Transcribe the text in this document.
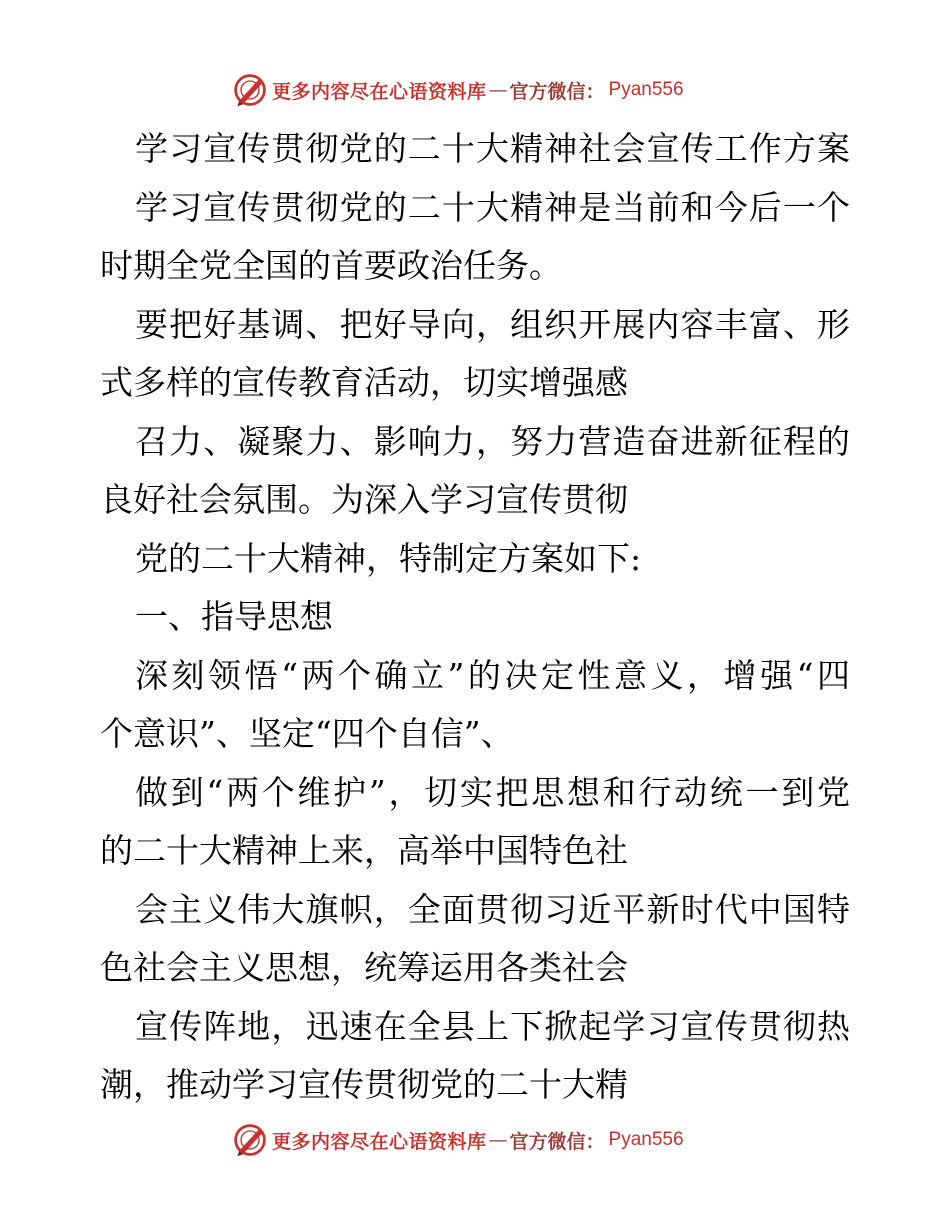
更多内容尽在心语资料库 — 官方微信： Pyan556
学习宣传贯彻党的二十大精神社会宣传工作方案
学习宣传贯彻党的二十大精神是当前和今后一个
时期全党全国的首要政治任务。
要把好基调、把好导向，组织开展内容丰富、形
式多样的宣传教育活动，切实增强感
召力、凝聚力、影响力，努力营造奋进新征程的
良好社会氛围。为深入学习宣传贯彻
党的二十大精神，特制定方案如下:
一、指导思想
深刻领悟“两个确立”的决定性意义，增强“四
个意识”、坚定“四个自信”、
做到“两个维护”，切实把思想和行动统一到党
的二十大精神上来，高举中国特色社
会主义伟大旗帜，全面贯彻习近平新时代中国特
色社会主义思想，统筹运用各类社会
宣传阵地，迅速在全县上下掀起学习宣传贯彻热
潮，推动学习宣传贯彻党的二十大精
更多内容尽在心语资料库 — 官方微信： Pyan556
